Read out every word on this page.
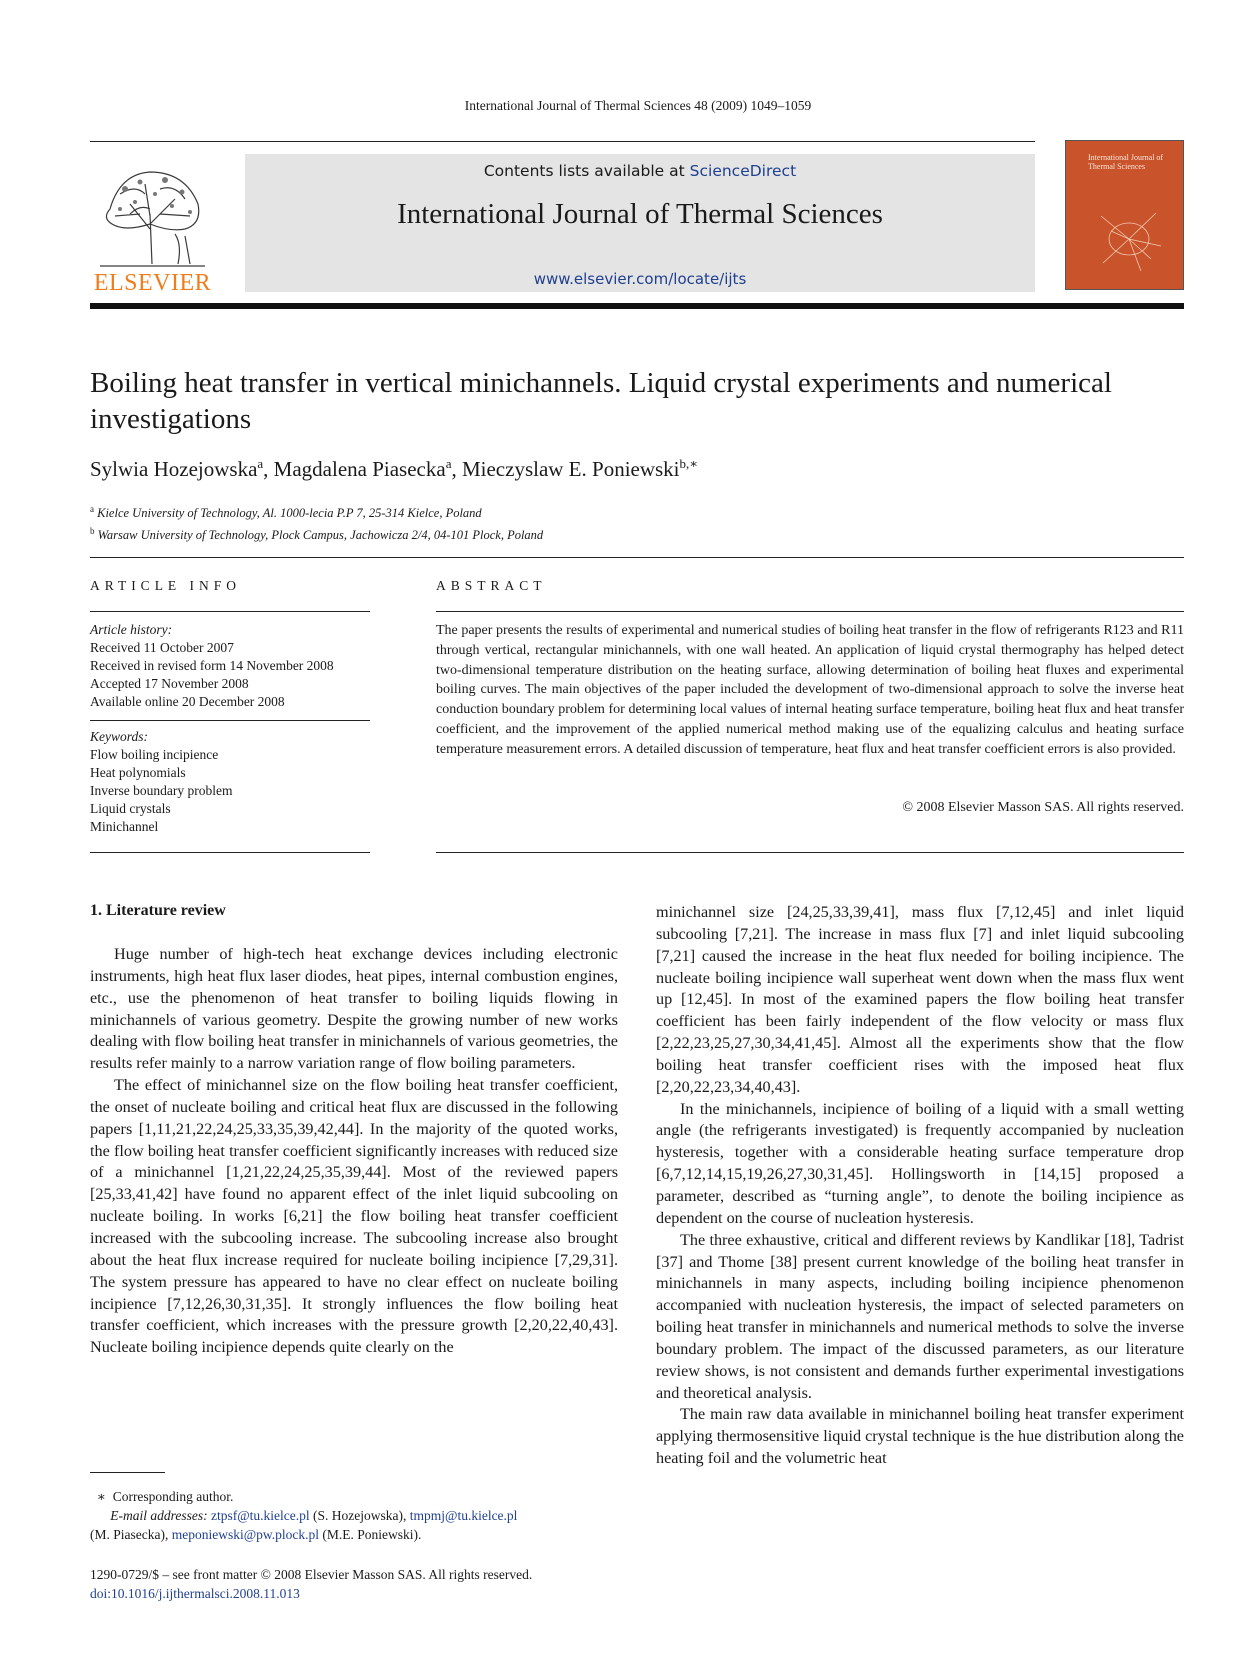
International Journal of Thermal Sciences 48 (2009) 1049–1059
ELSEVIER
Contents lists available at ScienceDirect
International Journal of Thermal Sciences
www.elsevier.com/locate/ijts
International Journal of Thermal Sciences
Boiling heat transfer in vertical minichannels. Liquid crystal experiments and numerical investigations
Sylwia Hozejowska$^a$, Magdalena Piasecka$^a$, Mieczyslaw E. Poniewski$^{b,∗}$
$^a$ Kielce University of Technology, Al. 1000-lecia P.P 7, 25-314 Kielce, Poland
$^b$ Warsaw University of Technology, Plock Campus, Jachowicza 2/4, 04-101 Plock, Poland
ARTICLE INFO
Article history:
Received 11 October 2007
Received in revised form 14 November 2008
Accepted 17 November 2008
Available online 20 December 2008
Keywords:
Flow boiling incipience
Heat polynomials
Inverse boundary problem
Liquid crystals
Minichannel
ABSTRACT
The paper presents the results of experimental and numerical studies of boiling heat transfer in the flow of refrigerants R123 and R11 through vertical, rectangular minichannels, with one wall heated. An application of liquid crystal thermography has helped detect two-dimensional temperature distribution on the heating surface, allowing determination of boiling heat fluxes and experimental boiling curves. The main objectives of the paper included the development of two-dimensional approach to solve the inverse heat conduction boundary problem for determining local values of internal heating surface temperature, boiling heat flux and heat transfer coefficient, and the improvement of the applied numerical method making use of the equalizing calculus and heating surface temperature measurement errors. A detailed discussion of temperature, heat flux and heat transfer coefficient errors is also provided.
© 2008 Elsevier Masson SAS. All rights reserved.
1. Literature review

Huge number of high-tech heat exchange devices including electronic instruments, high heat flux laser diodes, heat pipes, internal combustion engines, etc., use the phenomenon of heat transfer to boiling liquids flowing in minichannels of various geometry. Despite the growing number of new works dealing with flow boiling heat transfer in minichannels of various geometries, the results refer mainly to a narrow variation range of flow boiling parameters.

The effect of minichannel size on the flow boiling heat transfer coefficient, the onset of nucleate boiling and critical heat flux are discussed in the following papers [1,11,21,22,24,25,33,35,39,42,44]. In the majority of the quoted works, the flow boiling heat transfer coefficient significantly increases with reduced size of a minichannel [1,21,22,24,25,35,39,44]. Most of the reviewed papers [25,33,41,42] have found no apparent effect of the inlet liquid subcooling on nucleate boiling. In works [6,21] the flow boiling heat transfer coefficient increased with the subcooling increase. The subcooling increase also brought about the heat flux increase required for nucleate boiling incipience [7,29,31]. The system pressure has appeared to have no clear effect on nucleate boiling incipience [7,12,26,30,31,35]. It strongly influences the flow boiling heat transfer coefficient, which increases with the pressure growth [2,20,22,40,43]. Nucleate boiling incipience depends quite clearly on the

minichannel size [24,25,33,39,41], mass flux [7,12,45] and inlet liquid subcooling [7,21]. The increase in mass flux [7] and inlet liquid subcooling [7,21] caused the increase in the heat flux needed for boiling incipience. The nucleate boiling incipience wall superheat went down when the mass flux went up [12,45]. In most of the examined papers the flow boiling heat transfer coefficient has been fairly independent of the flow velocity or mass flux [2,22,23,25,27,30,34,41,45]. Almost all the experiments show that the flow boiling heat transfer coefficient rises with the imposed heat flux [2,20,22,23,34,40,43].

In the minichannels, incipience of boiling of a liquid with a small wetting angle (the refrigerants investigated) is frequently accompanied by nucleation hysteresis, together with a considerable heating surface temperature drop [6,7,12,14,15,19,26,27,30,31,45]. Hollingsworth in [14,15] proposed a parameter, described as “turning angle”, to denote the boiling incipience as dependent on the course of nucleation hysteresis.

The three exhaustive, critical and different reviews by Kandlikar [18], Tadrist [37] and Thome [38] present current knowledge of the boiling heat transfer in minichannels in many aspects, including boiling incipience phenomenon accompanied with nucleation hysteresis, the impact of selected parameters on boiling heat transfer in minichannels and numerical methods to solve the inverse boundary problem. The impact of the discussed parameters, as our literature review shows, is not consistent and demands further experimental investigations and theoretical analysis.

The main raw data available in minichannel boiling heat transfer experiment applying thermosensitive liquid crystal technique is the hue distribution along the heating foil and the volumetric heat

∗ Corresponding author.
E-mail addresses: ztpsf@tu.kielce.pl (S. Hozejowska), tmpmj@tu.kielce.pl
(M. Piasecka), meponiewski@pw.plock.pl (M.E. Poniewski).
1290-0729/$ – see front matter © 2008 Elsevier Masson SAS. All rights reserved.
doi:10.1016/j.ijthermalsci.2008.11.013
